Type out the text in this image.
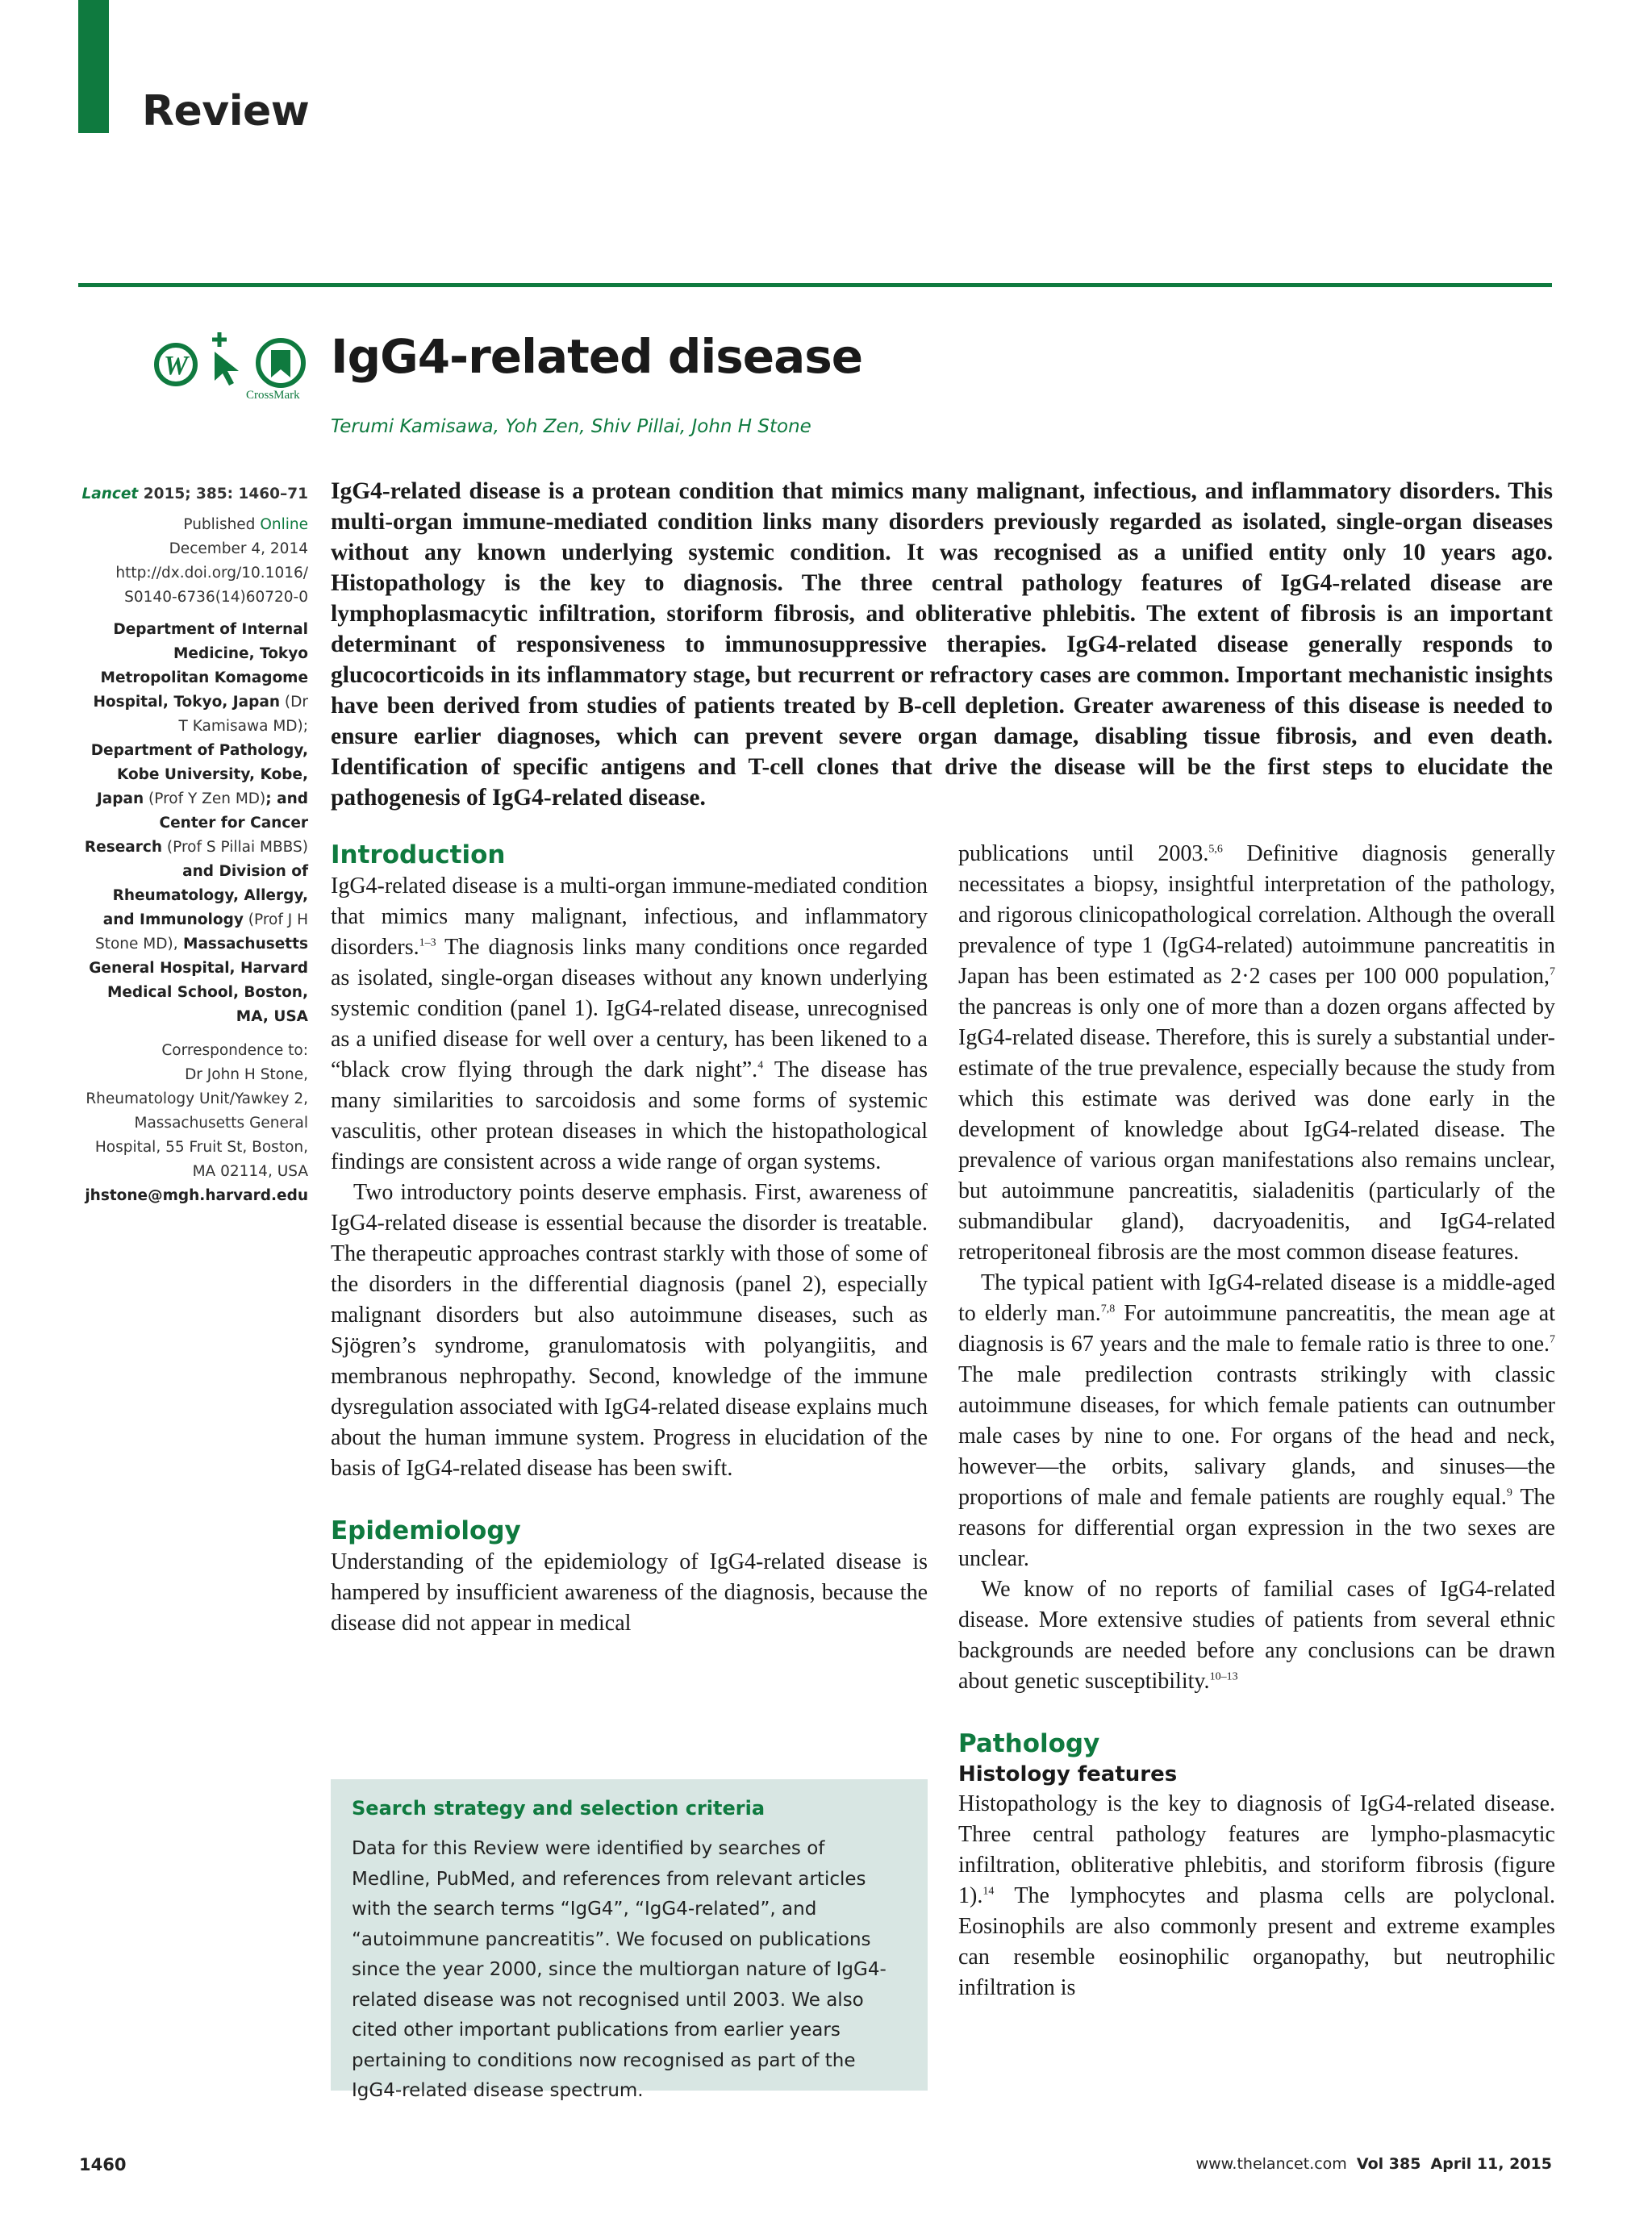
Review
W
CrossMark
IgG4-related disease
Terumi Kamisawa, Yoh Zen, Shiv Pillai, John H Stone

Lancet 2015; 385: 1460–71

Published Online

December 4, 2014

http://dx.doi.org/10.1016/

S0140-6736(14)60720-0

Department of Internal Medicine, Tokyo Metropolitan Komagome Hospital, Tokyo, Japan (Dr T Kamisawa MD); Department of Pathology, Kobe University, Kobe, Japan (Prof Y Zen MD); and Center for Cancer Research (Prof S Pillai MBBS) and Division of Rheumatology, Allergy, and Immunology (Prof J H Stone MD), Massachusetts General Hospital, Harvard Medical School, Boston, MA, USA

Correspondence to:

Dr John H Stone, Rheumatology Unit/Yawkey 2, Massachusetts General Hospital, 55 Fruit St, Boston, MA 02114, USA

jhstone@mgh.harvard.edu

IgG4-related disease is a protean condition that mimics many malignant, infectious, and inflammatory disorders. This multi-organ immune-mediated condition links many disorders previously regarded as isolated, single-organ diseases without any known underlying systemic condition. It was recognised as a unified entity only 10 years ago. Histopathology is the key to diagnosis. The three central pathology features of IgG4-related disease are lymphoplasmacytic infiltration, storiform fibrosis, and obliterative phlebitis. The extent of fibrosis is an important determinant of responsiveness to immunosuppressive therapies. IgG4-related disease generally responds to glucocorticoids in its inflammatory stage, but recurrent or refractory cases are common. Important mechanistic insights have been derived from studies of patients treated by B-cell depletion. Greater awareness of this disease is needed to ensure earlier diagnoses, which can prevent severe organ damage, disabling tissue fibrosis, and even death. Identification of specific antigens and T-cell clones that drive the disease will be the first steps to elucidate the pathogenesis of IgG4-related disease.

Introduction

IgG4-related disease is a multi-organ immune-mediated condition that mimics many malignant, infectious, and inflammatory disorders.$^{1-3}$ The diagnosis links many conditions once regarded as isolated, single-organ diseases without any known underlying systemic condition (panel 1). IgG4-related disease, unrecognised as a unified disease for well over a century, has been likened to a “black crow flying through the dark night”.$^4$ The disease has many similarities to sarcoidosis and some forms of systemic vasculitis, other protean diseases in which the histopathological findings are consistent across a wide range of organ systems.

Two introductory points deserve emphasis. First, awareness of IgG4-related disease is essential because the disorder is treatable. The therapeutic approaches contrast starkly with those of some of the disorders in the differential diagnosis (panel 2), especially malignant disorders but also autoimmune diseases, such as Sjögren’s syndrome, granulomatosis with polyangiitis, and membranous nephropathy. Second, knowledge of the immune dysregulation associated with IgG4-related disease explains much about the human immune system. Progress in elucidation of the basis of IgG4-related disease has been swift.

Epidemiology

Understanding of the epidemiology of IgG4-related disease is hampered by insufficient awareness of the diagnosis, because the disease did not appear in medical

Search strategy and selection criteria

Data for this Review were identified by searches of Medline, PubMed, and references from relevant articles with the search terms “IgG4”, “IgG4-related”, and “autoimmune pancreatitis”. We focused on publications since the year 2000, since the multiorgan nature of IgG4-related disease was not recognised until 2003. We also cited other important publications from earlier years pertaining to conditions now recognised as part of the IgG4-related disease spectrum.

publications until 2003.$^{5,6}$ Definitive diagnosis generally necessitates a biopsy, insightful interpretation of the pathology, and rigorous clinicopathological correlation. Although the overall prevalence of type 1 (IgG4-related) autoimmune pancreatitis in Japan has been estimated as 2·2 cases per 100 000 population,$^7$ the pancreas is only one of more than a dozen organs affected by IgG4-related disease. Therefore, this is surely a substantial under-estimate of the true prevalence, especially because the study from which this estimate was derived was done early in the development of knowledge about IgG4-related disease. The prevalence of various organ manifestations also remains unclear, but autoimmune pancreatitis, sialadenitis (particularly of the submandibular gland), dacryoadenitis, and IgG4-related retroperitoneal fibrosis are the most common disease features.

The typical patient with IgG4-related disease is a middle-aged to elderly man.$^{7,8}$ For autoimmune pancreatitis, the mean age at diagnosis is 67 years and the male to female ratio is three to one.$^7$ The male predilection contrasts strikingly with classic autoimmune diseases, for which female patients can outnumber male cases by nine to one. For organs of the head and neck, however—the orbits, salivary glands, and sinuses—the proportions of male and female patients are roughly equal.$^9$ The reasons for differential organ expression in the two sexes are unclear.

We know of no reports of familial cases of IgG4-related disease. More extensive studies of patients from several ethnic backgrounds are needed before any conclusions can be drawn about genetic susceptibility.$^{10-13}$

Pathology
Histology features

Histopathology is the key to diagnosis of IgG4-related disease. Three central pathology features are lympho-plasmacytic infiltration, obliterative phlebitis, and storiform fibrosis (figure 1).$^{14}$ The lymphocytes and plasma cells are polyclonal. Eosinophils are also commonly present and extreme examples can resemble eosinophilic organopathy, but neutrophilic infiltration is

1460	www.thelancet.com Vol 385 April 11, 2015
